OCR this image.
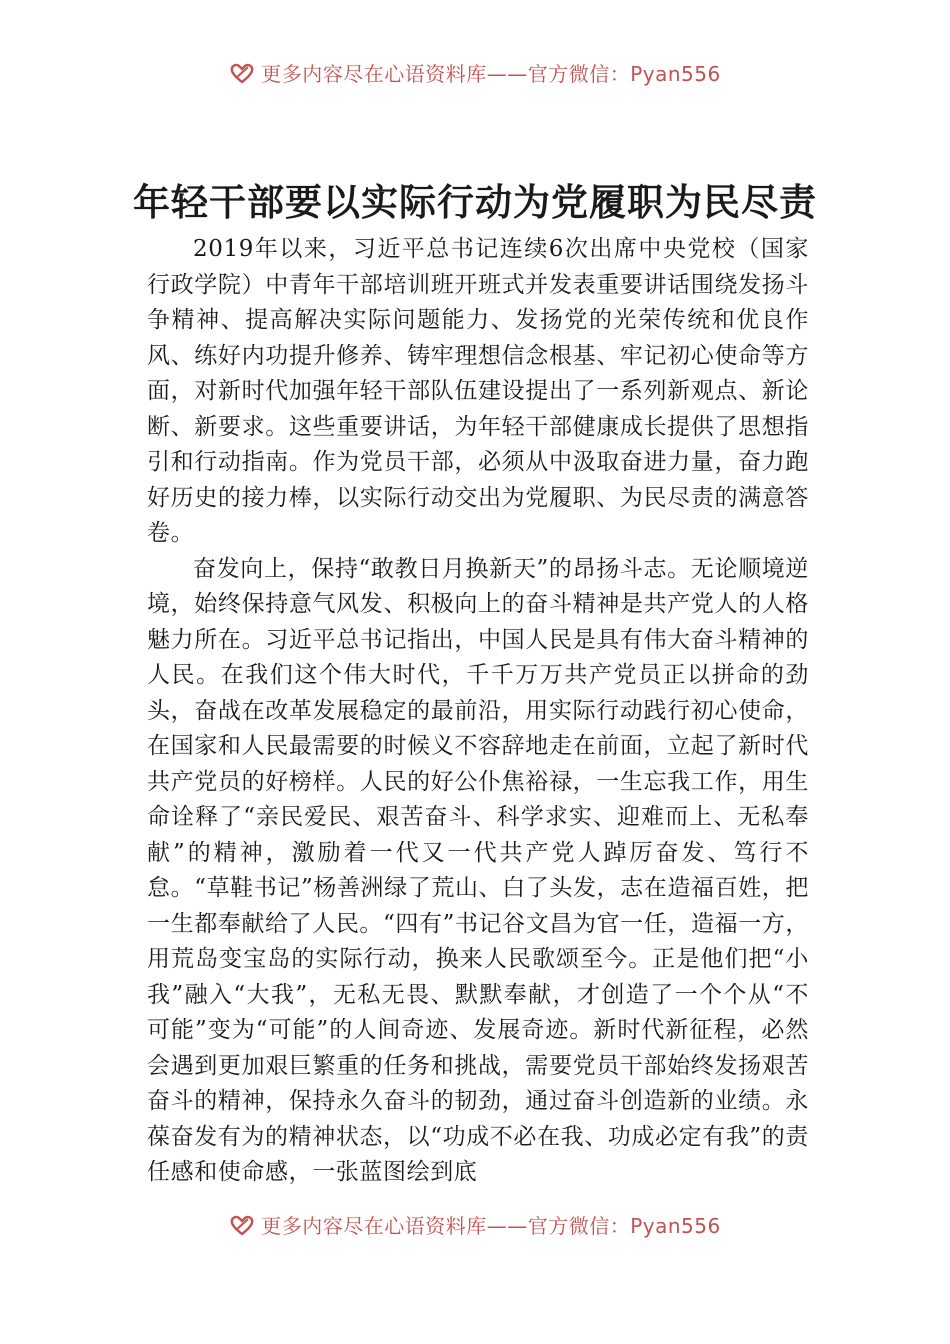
更多内容尽在心语资料库——官方微信：Pyan556
年轻干部要以实际行动为党履职为民尽责

2019年以来，习近平总书记连续6次出席中央党校（国家行政学院）中青年干部培训班开班式并发表重要讲话围绕发扬斗争精神、提高解决实际问题能力、发扬党的光荣传统和优良作风、练好内功提升修养、铸牢理想信念根基、牢记初心使命等方面，对新时代加强年轻干部队伍建设提出了一系列新观点、新论断、新要求。这些重要讲话，为年轻干部健康成长提供了思想指引和行动指南。作为党员干部，必须从中汲取奋进力量，奋力跑好历史的接力棒，以实际行动交出为党履职、为民尽责的满意答卷。

奋发向上，保持“敢教日月换新天”的昂扬斗志。无论顺境逆境，始终保持意气风发、积极向上的奋斗精神是共产党人的人格魅力所在。习近平总书记指出，中国人民是具有伟大奋斗精神的人民。在我们这个伟大时代，千千万万共产党员正以拼命的劲头，奋战在改革发展稳定的最前沿，用实际行动践行初心使命，在国家和人民最需要的时候义不容辞地走在前面，立起了新时代共产党员的好榜样。人民的好公仆焦裕禄，一生忘我工作，用生命诠释了“亲民爱民、艰苦奋斗、科学求实、迎难而上、无私奉献”的精神，激励着一代又一代共产党人踔厉奋发、笃行不怠。“草鞋书记”杨善洲绿了荒山、白了头发，志在造福百姓，把一生都奉献给了人民。“四有”书记谷文昌为官一任，造福一方，用荒岛变宝岛的实际行动，换来人民歌颂至今。正是他们把“小我”融入“大我”，无私无畏、默默奉献，才创造了一个个从“不可能”变为“可能”的人间奇迹、发展奇迹。新时代新征程，必然会遇到更加艰巨繁重的任务和挑战，需要党员干部始终发扬艰苦奋斗的精神，保持永久奋斗的韧劲，通过奋斗创造新的业绩。永葆奋发有为的精神状态，以“功成不必在我、功成必定有我”的责任感和使命感，一张蓝图绘到底

更多内容尽在心语资料库——官方微信：Pyan556
